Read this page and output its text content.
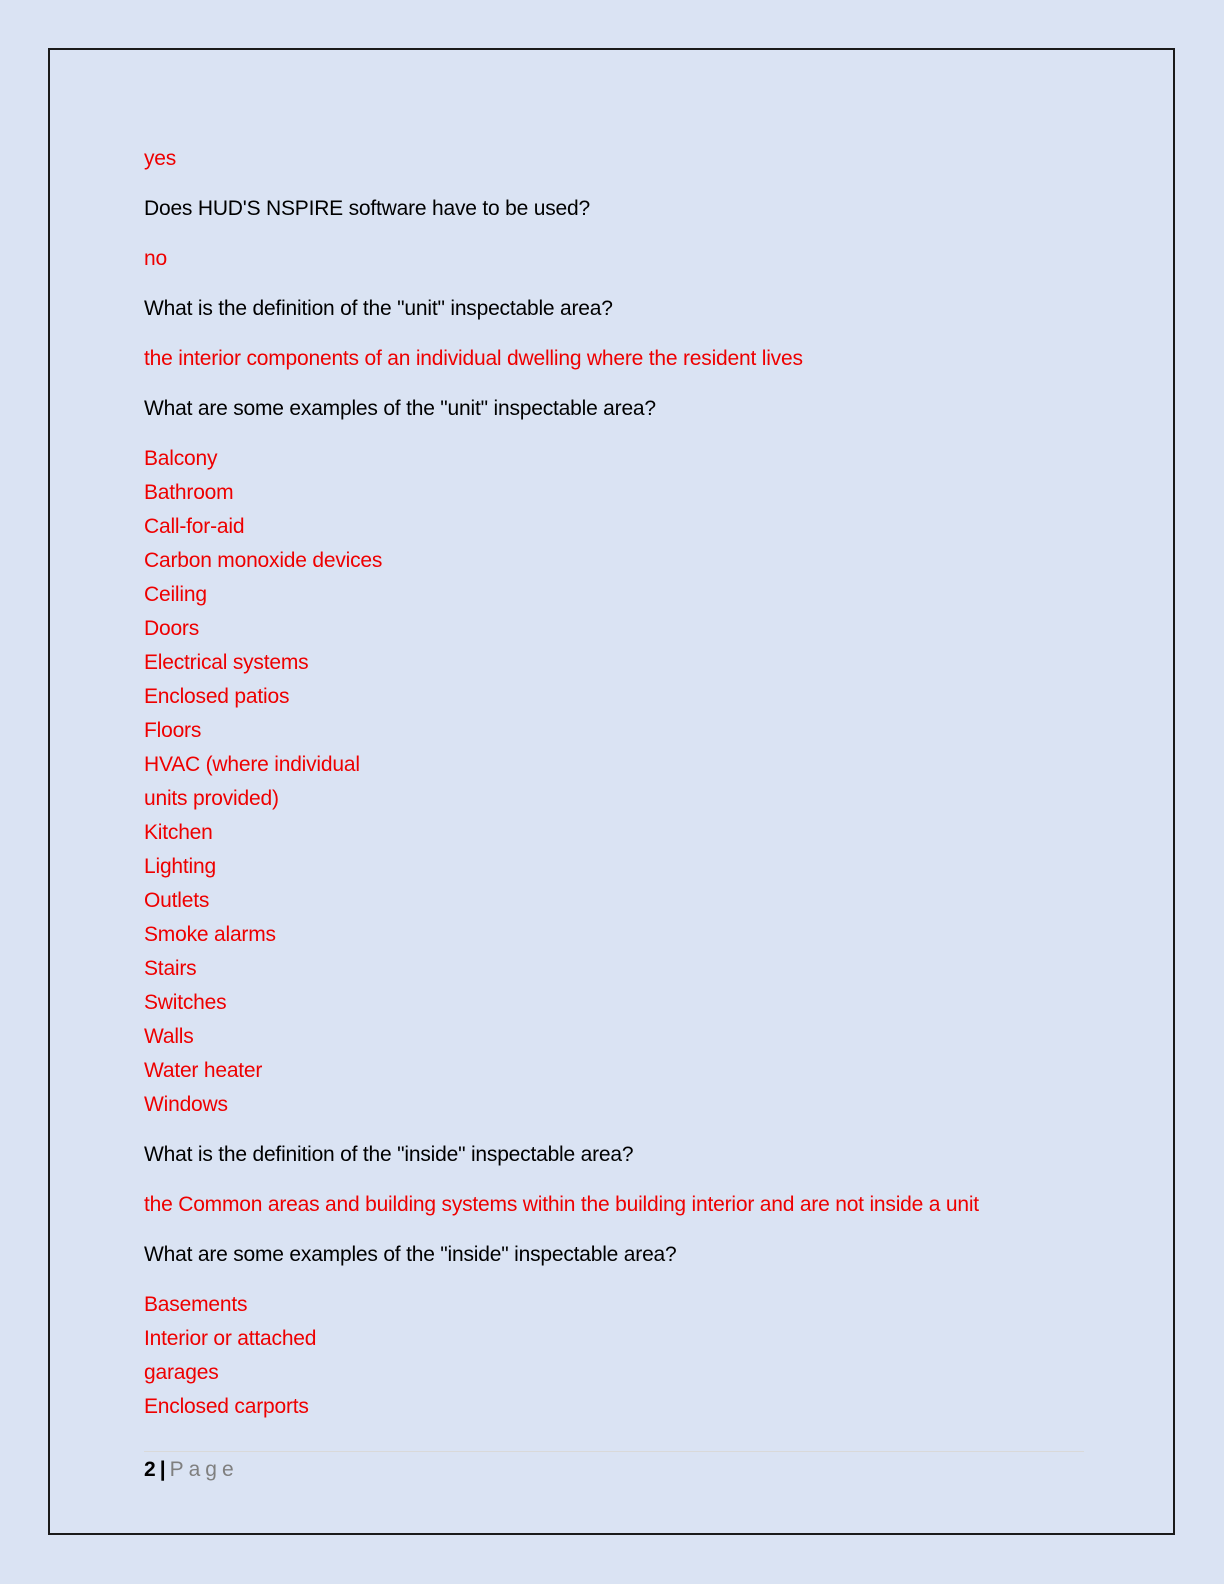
yes
Does HUD'S NSPIRE software have to be used?
no
What is the definition of the "unit" inspectable area?
the interior components of an individual dwelling where the resident lives
What are some examples of the "unit" inspectable area?
Balcony
Bathroom
Call-for-aid
Carbon monoxide devices
Ceiling
Doors
Electrical systems
Enclosed patios
Floors
HVAC (where individual
units provided)
Kitchen
Lighting
Outlets
Smoke alarms
Stairs
Switches
Walls
Water heater
Windows
What is the definition of the "inside" inspectable area?
the Common areas and building systems within the building interior and are not inside a unit
What are some examples of the "inside" inspectable area?
Basements
Interior or attached
garages
Enclosed carports
2 | Page
